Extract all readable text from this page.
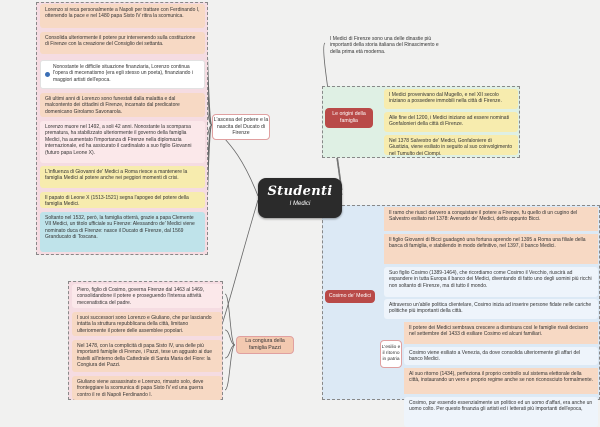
Studenti
I Medici
I Medici di Firenze sono una delle dinastie più importanti della storia italiana del Rinascimento e della prima età moderna.
L'ascesa del potere e la nascita del Ducato di Firenze
Le origini della famiglia
Cosimo de' Medici
La congiura della famiglia Pazzi	L'esilio e il ritorno in patria
Lorenzo si reca personalmente a Napoli per trattare con Ferdinando I, ottenendo la pace e nel 1480 papa Sisto IV ritira la scomunica.
Consolida ulteriormente il potere pur intervenendo sulla costituzione di Firenze con la creazione del Consiglio dei settanta.
Nonostante le difficile situazione finanziaria, Lorenzo continua l'opera di mecenatismo (era egli stesso un poeta), finanziando i maggiori artisti dell'epoca.
Gli ultimi anni di Lorenzo sono funestati dalla malattia e dal malcontento dei cittadini di Firenze, incarnato dal predicatore domenicano Girolamo Savonarola.
Lorenzo muore nel 1492, a soli 42 anni. Nonostante la scomparsa prematura, ha stabilizzato ulteriormente il governo della famiglia Medici, ha aumentato l'importanza di Firenze nella diplomazia internazionale, ed ha assicurato il cardinalato a suo figlio Giovanni (futuro papa Leone X).
L'influenza di Giovanni de' Medici a Roma riesce a mantenere la famiglia Medici al potere anche nei peggiori momenti di crisi.
Il papato di Leone X (1513-1521) segna l'apogeo del potere della famiglia Medici.
Soltanto nel 1532, però, la famiglia otterrà, grazie a papa Clemente VII Medici, un titolo ufficiale su Firenze: Alessandro de' Medici viene nominato duca di Firenze: nasce il Ducato di Firenze, dal 1569 Granducato di Toscana.
I Medici provenivano dal Mugello, e nel XII secolo iniziano a possedere immobili nella città di Firenze.
Alle fine del 1200, i Medici iniziano ad essere nominati Gonfalonieri della città di Firenze.
Nel 1378 Salvestro de' Medici, Gonfaloniere di Giustizia, viene esiliato in seguito al suo coinvolgimento nel Tumulto dei Ciompi.
Il ramo che riuscì davvero a conquistare il potere a Firenze, fu quello di un cugino del Salvestro esiliato nel 1378: Averardo de' Medici, detto appunto Bicci.
Il figlio Giovanni di Bicci guadagnò una fortuna aprendo nel 1395 a Roma una filiale della banca di famiglia, e stabilendo in modo definitivo, nel 1397, il banco Medici.
Suo figlio Cosimo (1389-1464), che ricordiamo come Cosimo il Vecchio, riuscirà ad espandere in tutta Europa il banco dei Medici, diventando di fatto uno degli uomini più ricchi non soltanto di Firenze, ma di tutto il mondo.
Attraverso un'abile politica clientelare, Cosimo inizia ad inserire persone fidate nelle cariche politiche più importanti della città.
Il potere dei Medici sembrava crescere a dismisura così le famiglie rivali decisero nel settembre del 1433 di esiliare Cosimo ed alcuni familiari.
Cosimo viene esiliato a Venezia, da dove consolida ulteriormente gli affari del banco Medici.
Al suo ritorno (1434), perfeziona il proprio controllo sul sistema elettorale della città, instaurando un vero e proprio regime anche se non riconosciuto formalmente.
Cosimo, pur essendo essenzialmente un politico ed un uomo d'affari, era anche un uomo colto. Per questo finanzia gli artisti ed i letterati più importanti dell'epoca,
Piero, figlio di Cosimo, governa Firenze dal 1463 al 1469, consolidandone il potere e proseguendo l'intensa attività mecenatistica del padre.
I suoi successori sono Lorenzo e Giuliano, che pur lasciando intatta la struttura repubblicana della città, limitano ulteriormente il potere delle assemblee popolari.
Nel 1478, con la complicità di papa Sisto IV, una delle più importanti famiglie di Firenze, i Pazzi, tese un agguato ai due fratelli all'interno della Cattedrale di Santa Maria del Fiore: la Congiura dei Pazzi.
Giuliano viene assassinato e Lorenzo, rimasto solo, deve fronteggiare la scomunica di papa Sisto IV ed una guerra contro il re di Napoli Ferdinando I.
